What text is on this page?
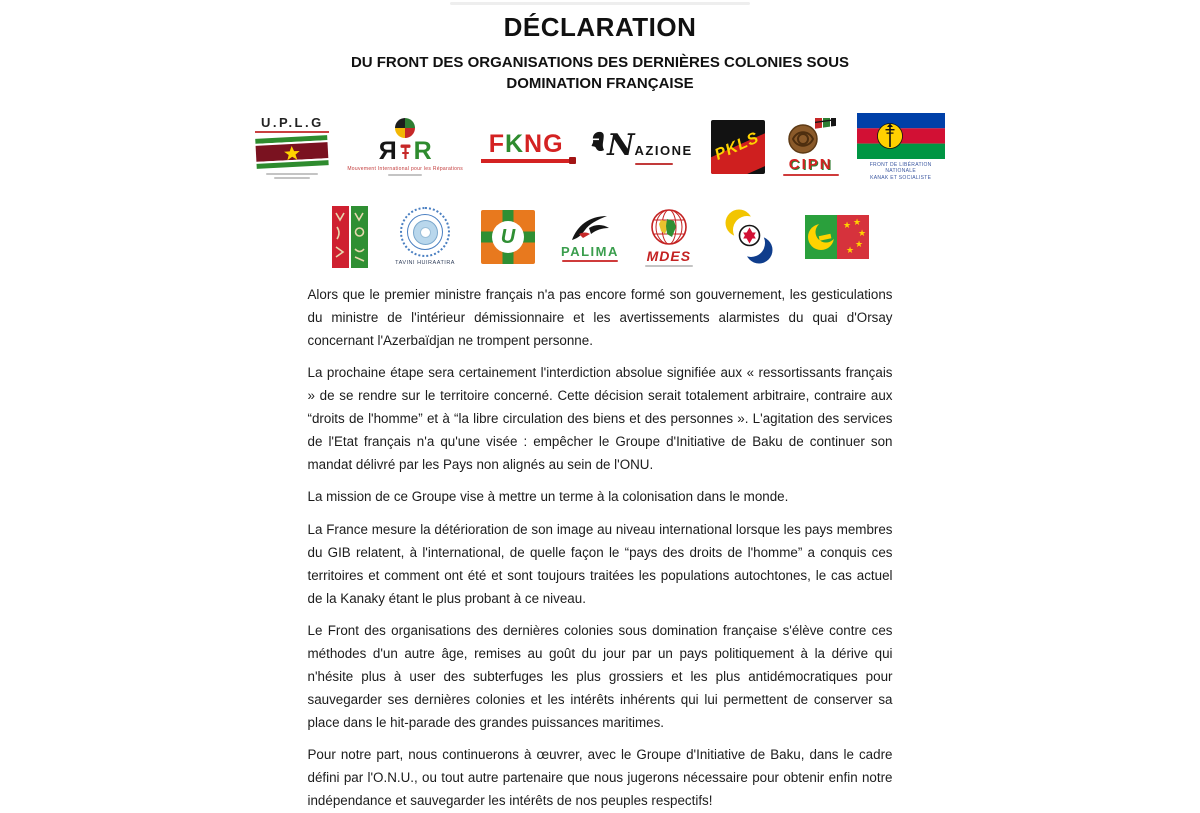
DÉCLARATION
DU FRONT DES ORGANISATIONS DES DERNIÈRES COLONIES SOUS
DOMINATION FRANÇAISE
U.P.L.G
Я R
Mouvement International pour les Réparations
FKNG N AZIONE PKLS
CIPN	FRONT DE LIBÉRATION NATIONALE
KANAK ET SOCIALISTE
TAVINI HUIRAATIRA
U
PALIMA MDES
★ ★
★
★
★

Alors que le premier ministre français n'a pas encore formé son gouvernement, les gesticulations du ministre de l'intérieur démissionnaire et les avertissements alarmistes du quai d'Orsay concernant l'Azerbaïdjan ne trompent personne.

La prochaine étape sera certainement l'interdiction absolue signifiée aux « ressortissants français » de se rendre sur le territoire concerné. Cette décision serait totalement arbitraire, contraire aux “droits de l'homme” et à “la libre circulation des biens et des personnes ». L'agitation des services de l'Etat français n'a qu'une visée : empêcher le Groupe d'Initiative de Baku de continuer son mandat délivré par les Pays non alignés au sein de l'ONU.

La mission de ce Groupe vise à mettre un terme à la colonisation dans le monde.

La France mesure la détérioration de son image au niveau international lorsque les pays membres du GIB relatent, à l'international, de quelle façon le “pays des droits de l'homme” a conquis ces territoires et comment ont été et sont toujours traitées les populations autochtones, le cas actuel de la Kanaky étant le plus probant à ce niveau.

Le Front des organisations des dernières colonies sous domination française s'élève contre ces méthodes d'un autre âge, remises au goût du jour par un pays politiquement à la dérive qui n'hésite plus à user des subterfuges les plus grossiers et les plus antidémocratiques pour sauvegarder ses dernières colonies et les intérêts inhérents qui lui permettent de conserver sa place dans le hit-parade des grandes puissances maritimes.

Pour notre part, nous continuerons à œuvrer, avec le Groupe d'Initiative de Baku, dans le cadre défini par l'O.N.U., ou tout autre partenaire que nous jugerons nécessaire pour obtenir enfin notre indépendance et sauvegarder les intérêts de nos peuples respectifs!
